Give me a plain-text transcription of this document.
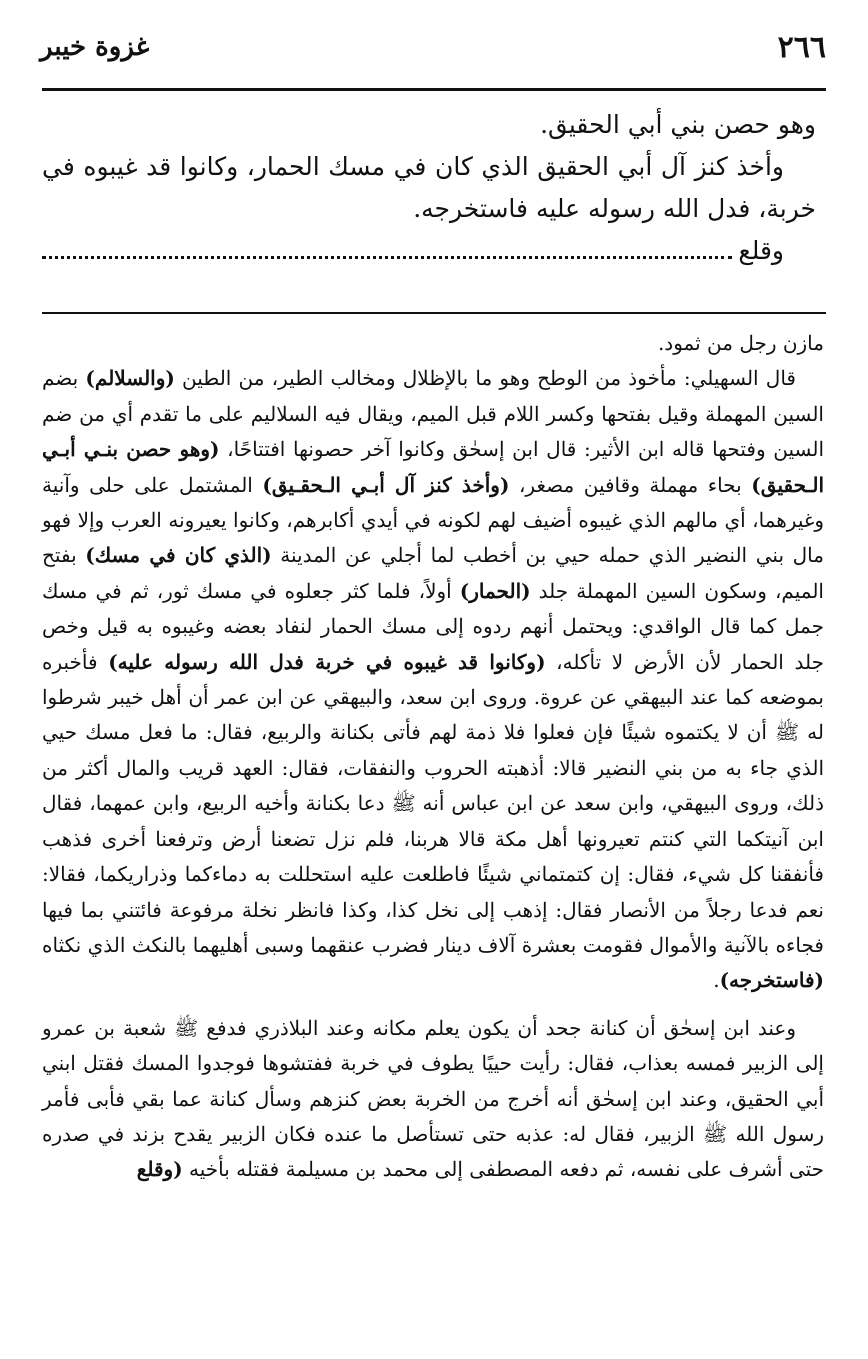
٢٦٦
غزوة خيبر

وهو حصن بني أبي الحقيق.

وأخذ كنز آل أبي الحقيق الذي كان في مسك الحمار، وكانوا قد غيبوه في خربة، فدل الله رسوله عليه فاستخرجه.

وقلع

مازن رجل من ثمود.

قال السهيلي: مأخوذ من الوطح وهو ما بالإظلال ومخالب الطير، من الطين (والسلالم) بضم السين المهملة وقيل بفتحها وكسر اللام قبل الميم، ويقال فيه السلاليم على ما تقدم أي من ضم السين وفتحها قاله ابن الأثير: قال ابن إسحٰق وكانوا آخر حصونها افتتاحًا، (وهو حصن بنـي أبـي الـحقيق) بحاء مهملة وقافين مصغر، (وأخذ كنز آل أبـي الـحقـيق) المشتمل على حلى وآنية وغيرهما، أي مالهم الذي غيبوه أضيف لهم لكونه في أيدي أكابرهم، وكانوا يعيرونه العرب وإلا فهو مال بني النضير الذي حمله حيي بن أخطب لما أجلي عن المدينة (الذي كان في مسك) بفتح الميم، وسكون السين المهملة جلد (الحمار) أولاً، فلما كثر جعلوه في مسك ثور، ثم في مسك جمل كما قال الواقدي: ويحتمل أنهم ردوه إلى مسك الحمار لنفاد بعضه وغيبوه به قيل وخص جلد الحمار لأن الأرض لا تأكله، (وكانوا قد غيبوه في خربة فدل الله رسوله عليه) فأخبره بموضعه كما عند البيهقي عن عروة. وروى ابن سعد، والبيهقي عن ابن عمر أن أهل خيبر شرطوا له ﷺ أن لا يكتموه شيئًا فإن فعلوا فلا ذمة لهم فأتى بكنانة والربيع، فقال: ما فعل مسك حيي الذي جاء به من بني النضير قالا: أذهبته الحروب والنفقات، فقال: العهد قريب والمال أكثر من ذلك، وروى البيهقي، وابن سعد عن ابن عباس أنه ﷺ دعا بكنانة وأخيه الربيع، وابن عمهما، فقال ابن آنيتكما التي كنتم تعيرونها أهل مكة قالا هربنا، فلم نزل تضعنا أرض وترفعنا أخرى فذهب فأنفقنا كل شيء، فقال: إن كتمتماني شيئًا فاطلعت عليه استحللت به دماءكما وذراريكما، فقالا: نعم فدعا رجلاً من الأنصار فقال: إذهب إلى نخل كذا، وكذا فانظر نخلة مرفوعة فائتني بما فيها فجاءه بالآنية والأموال فقومت بعشرة آلاف دينار فضرب عنقهما وسبى أهليهما بالنكث الذي نكثاه (فاستخرجه).

وعند ابن إسحٰق أن كنانة جحد أن يكون يعلم مكانه وعند البلاذري فدفع ﷺ شعبة بن عمرو إلى الزبير فمسه بعذاب، فقال: رأيت حييًا يطوف في خربة ففتشوها فوجدوا المسك فقتل ابني أبي الحقيق، وعند ابن إسحٰق أنه أخرج من الخربة بعض كنزهم وسأل كنانة عما بقي فأبى فأمر رسول الله ﷺ الزبير، فقال له: عذبه حتى تستأصل ما عنده فكان الزبير يقدح بزند في صدره حتى أشرف على نفسه، ثم دفعه المصطفى إلى محمد بن مسيلمة فقتله بأخيه (وقلع
